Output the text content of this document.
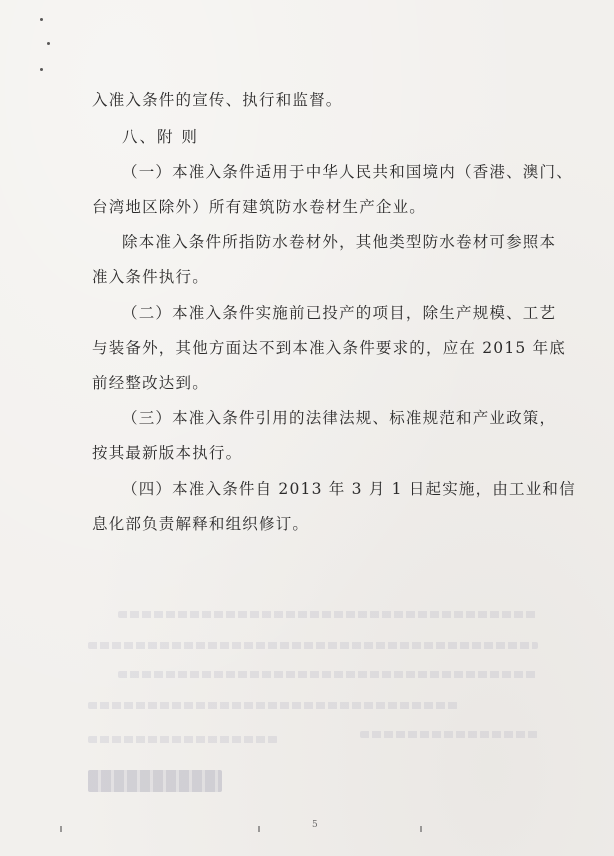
入准入条件的宣传、执行和监督。
八、附 则
（一）本准入条件适用于中华人民共和国境内（香港、澳门、
台湾地区除外）所有建筑防水卷材生产企业。
除本准入条件所指防水卷材外，其他类型防水卷材可参照本
准入条件执行。
（二）本准入条件实施前已投产的项目，除生产规模、工艺
与装备外，其他方面达不到本准入条件要求的，应在 2015 年底
前经整改达到。
（三）本准入条件引用的法律法规、标准规范和产业政策，
按其最新版本执行。
（四）本准入条件自 2013 年 3 月 1 日起实施，由工业和信
息化部负责解释和组织修订。
5
